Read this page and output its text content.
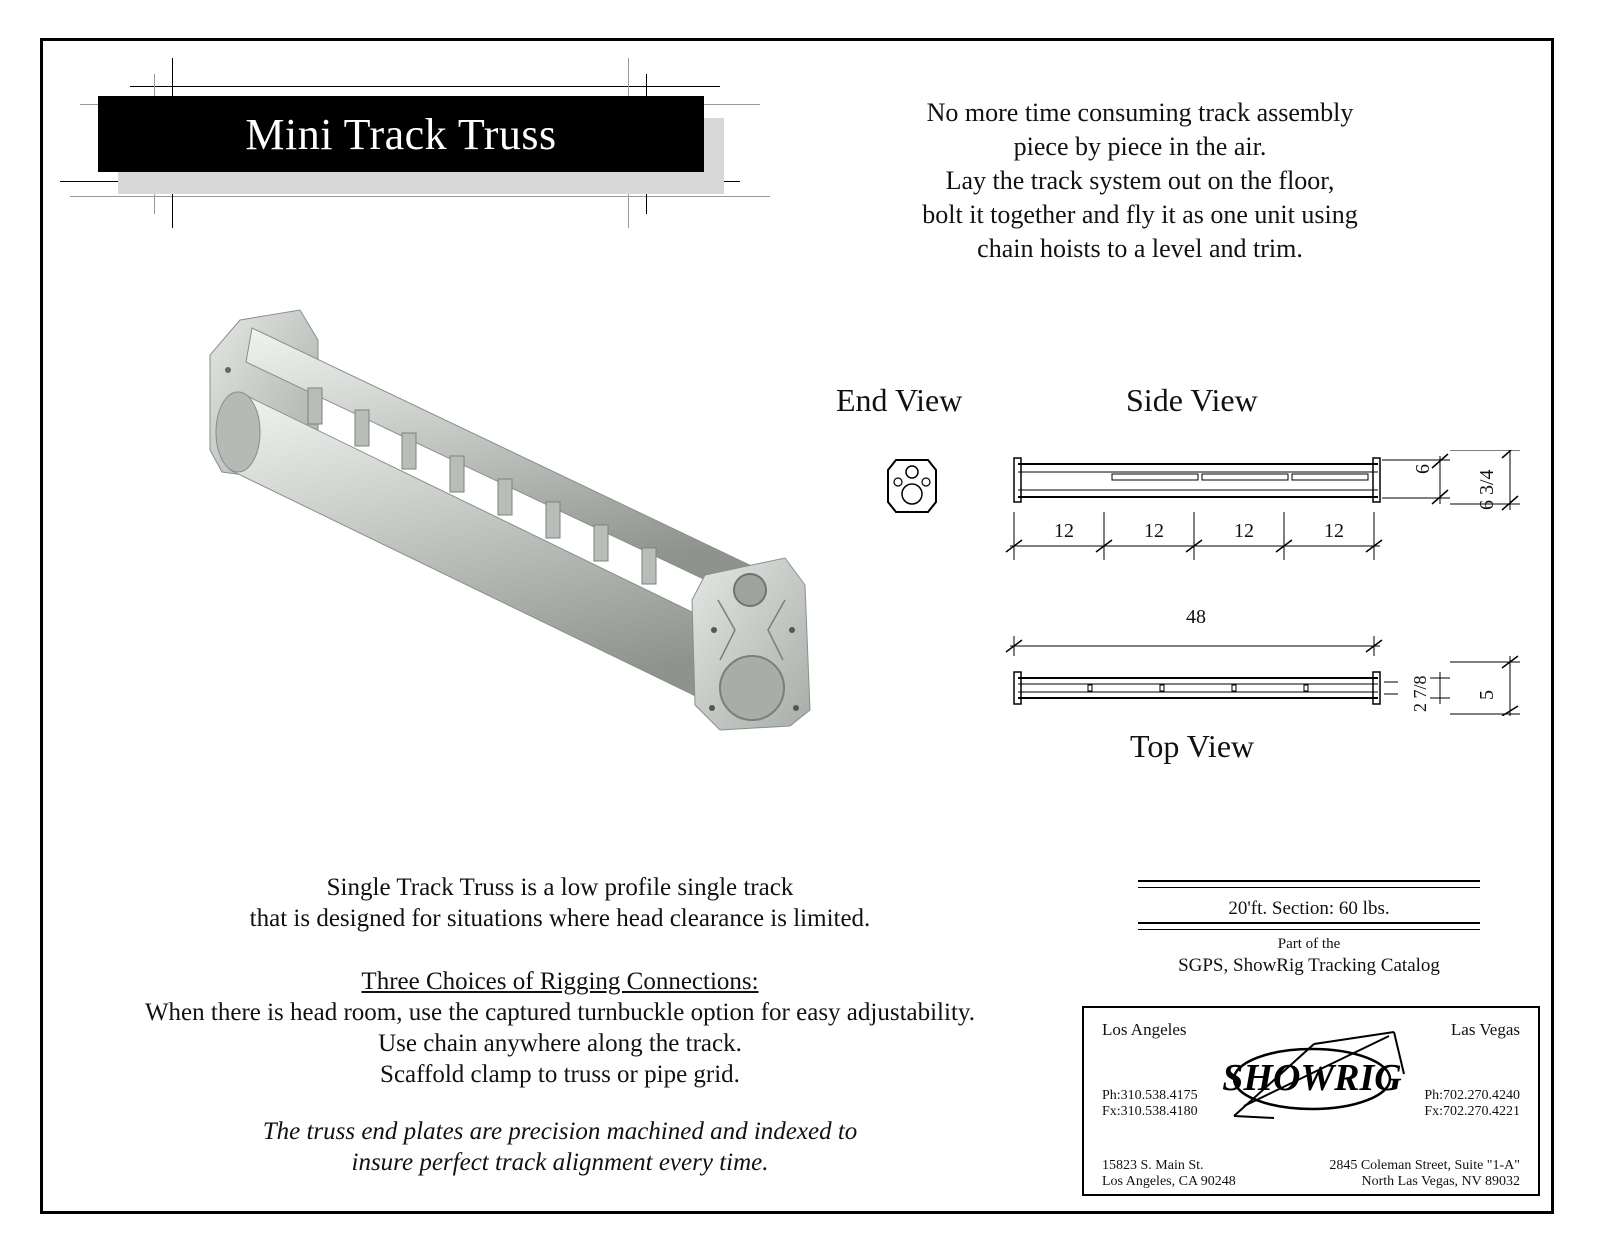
Mini Track Truss	No more time consuming track assembly
piece by piece in the air.
Lay the track system out on the floor,
bolt it together and fly it as one unit using
chain hoists to a level and trim.
End View	Side View
Top View
12	12	12	12
6
6 3/4
48
2 7/8 5
Single Track Truss is a low profile single track
that is designed for situations where head clearance is limited.
Three Choices of Rigging Connections:
When there is head room, use the captured turnbuckle option for easy adjustability.
Use chain anywhere along the track.
Scaffold clamp to truss or pipe grid.
The truss end plates are precision machined and indexed to
insure perfect track alignment every time.
20'ft. Section: 60 lbs.
Part of the
SGPS, ShowRig Tracking Catalog
Los Angeles	Las Vegas
Ph:310.538.4175
Fx:310.538.4180
Ph:702.270.4240
Fx:702.270.4221
15823 S. Main St.
Los Angeles, CA 90248
2845 Coleman Street, Suite "1-A"
North Las Vegas, NV 89032
SHOWRIG
